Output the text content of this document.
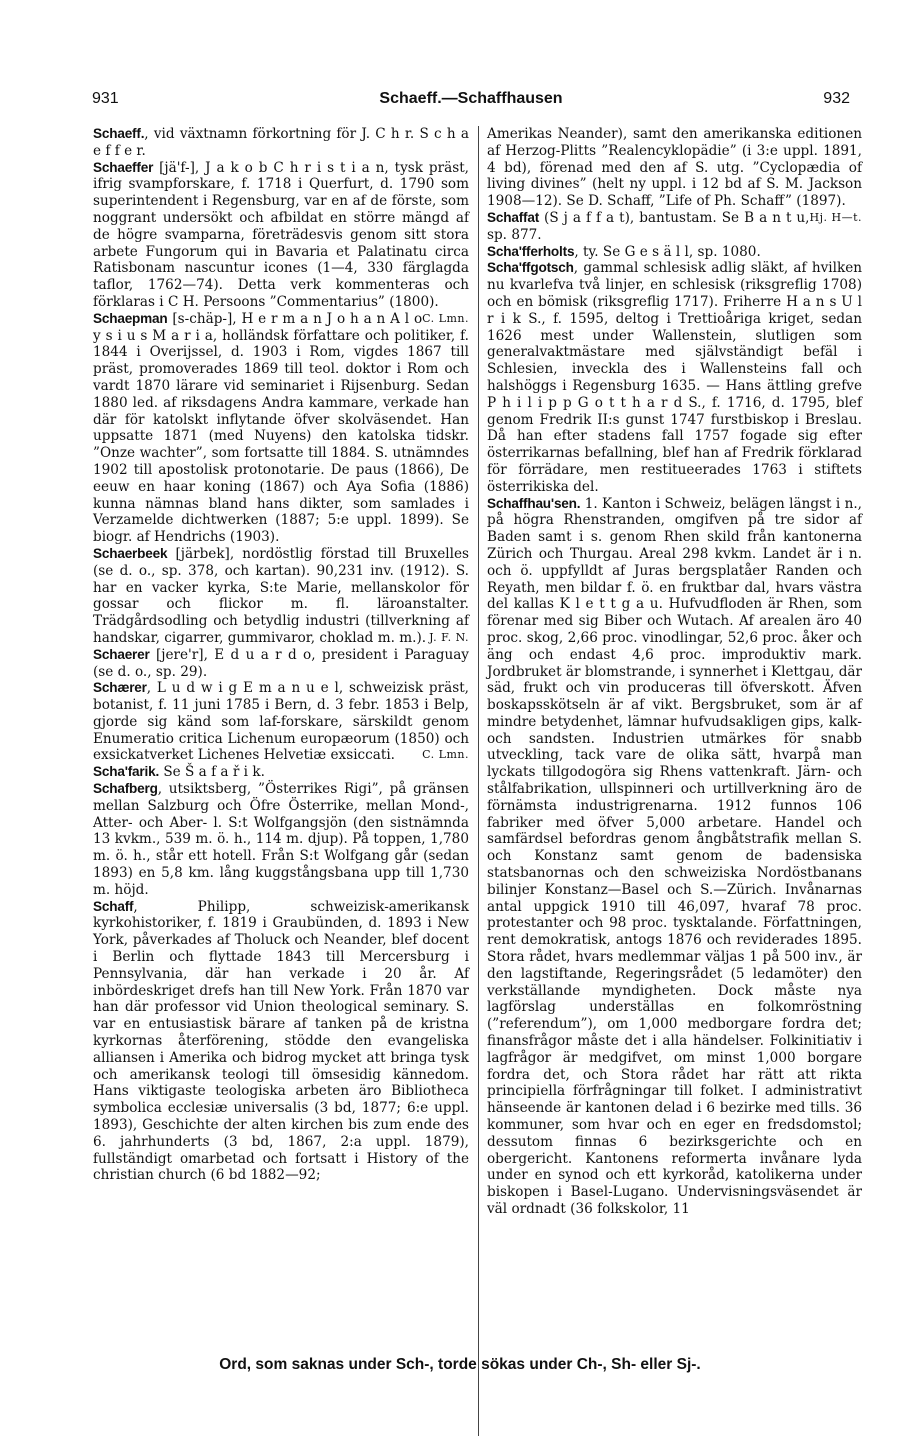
931	Schaeff.—Schaffhausen	932

Schaeff., vid växtnamn förkortning för J. C h r. S c h a e f f e r.

Schaeffer [jä'f-], J a k o b C h r i s t i a n, tysk präst, ifrig svampforskare, f. 1718 i Querfurt, d. 1790 som superintendent i Regensburg, var en af de förste, som noggrant undersökt och afbildat en större mängd af de högre svamparna, företrädesvis genom sitt stora arbete Fungorum qui in Bavaria et Palatinatu circa Ratisbonam nascuntur icones (1—4, 330 färglagda taflor, 1762—74). Detta verk kommenteras och förklaras i C H. Persoons ”Commentarius” (1800).
C. Lmn.

Schaepman [s-chäp-], H e r m a n J o h a n A l o y s i u s M a r i a, holländsk författare och politiker, f. 1844 i Overijssel, d. 1903 i Rom, vigdes 1867 till präst, promoverades 1869 till teol. doktor i Rom och vardt 1870 lärare vid seminariet i Rijsenburg. Sedan 1880 led. af riksdagens Andra kammare, verkade han där för katolskt inflytande öfver skolväsendet. Han uppsatte 1871 (med Nuyens) den katolska tidskr. ”Onze wachter”, som fortsatte till 1884. S. utnämndes 1902 till apostolisk protonotarie. De paus (1866), De eeuw en haar koning (1867) och Aya Sofia (1886) kunna nämnas bland hans dikter, som samlades i Verzamelde dichtwerken (1887; 5:e uppl. 1899). Se biogr. af Hendrichs (1903).

Schaerbeek [järbek], nordöstlig förstad till Bruxelles (se d. o., sp. 378, och kartan). 90,231 inv. (1912). S. har en vacker kyrka, S:te Marie, mellanskolor för gossar och flickor m. fl. läroanstalter. Trädgårdsodling och betydlig industri (tillverkning af handskar, cigarrer, gummivaror, choklad m. m.). J. F. N.

Schaerer [jere'r], E d u a r d o, president i Paraguay (se d. o., sp. 29).

Schærer, L u d w i g E m a n u e l, schweizisk präst, botanist, f. 11 juni 1785 i Bern, d. 3 febr. 1853 i Belp, gjorde sig känd som laf-forskare, särskildt genom Enumeratio critica Lichenum europæorum (1850) och exsickatverket Lichenes Helvetiæ exsiccati. C. Lmn.

Scha'farik. Se Š a f a ř i k.

Schafberg, utsiktsberg, ”Österrikes Rigi”, på gränsen mellan Salzburg och Öfre Österrike, mellan Mond-, Atter- och Aber- l. S:t Wolfgangsjön (den sistnämnda 13 kvkm., 539 m. ö. h., 114 m. djup). På toppen, 1,780 m. ö. h., står ett hotell. Från S:t Wolfgang går (sedan 1893) en 5,8 km. lång kuggstångsbana upp till 1,730 m. höjd.

Schaff, Philipp, schweizisk-amerikansk kyrkohistoriker, f. 1819 i Graubünden, d. 1893 i New York, påverkades af Tholuck och Neander, blef docent i Berlin och flyttade 1843 till Mercersburg i Pennsylvania, där han verkade i 20 år. Af inbördeskriget drefs han till New York. Från 1870 var han där professor vid Union theological seminary. S. var en entusiastisk bärare af tanken på de kristna kyrkornas återförening, stödde den evangeliska alliansen i Amerika och bidrog mycket att bringa tysk och amerikansk teologi till ömsesidig kännedom. Hans viktigaste teologiska arbeten äro Bibliotheca symbolica ecclesiæ universalis (3 bd, 1877; 6:e uppl. 1893), Geschichte der alten kirchen bis zum ende des 6. jahrhunderts (3 bd, 1867, 2:a uppl. 1879), fullständigt omarbetad och fortsatt i History of the christian church (6 bd 1882—92;

Amerikas Neander), samt den amerikanska editionen af Herzog-Plitts ”Realencyklopädie” (i 3:e uppl. 1891, 4 bd), förenad med den af S. utg. ”Cyclopædia of living divines” (helt ny uppl. i 12 bd af S. M. Jackson 1908—12). Se D. Schaff, ”Life of Ph. Schaff” (1897).
Hj. H—t.

Schaffat (S j a f f a t), bantustam. Se B a n t u, sp. 877.

Scha'fferholts, ty. Se G e s ä l l, sp. 1080.

Scha'ffgotsch, gammal schlesisk adlig släkt, af hvilken nu kvarlefva två linjer, en schlesisk (riksgreflig 1708) och en bömisk (riksgreflig 1717). Friherre H a n s U l r i k S., f. 1595, deltog i Trettioåriga kriget, sedan 1626 mest under Wallenstein, slutligen som generalvaktmästare med självständigt befäl i Schlesien, inveckla des i Wallensteins fall och halshöggs i Regensburg 1635. — Hans ättling grefve P h i l i p p G o t t h a r d S., f. 1716, d. 1795, blef genom Fredrik II:s gunst 1747 furstbiskop i Breslau. Då han efter stadens fall 1757 fogade sig efter österrikarnas befallning, blef han af Fredrik förklarad för förrädare, men restitueerades 1763 i stiftets österrikiska del.

Schaffhau'sen. 1. Kanton i Schweiz, belägen längst i n., på högra Rhenstranden, omgifven på tre sidor af Baden samt i s. genom Rhen skild från kantonerna Zürich och Thurgau. Areal 298 kvkm. Landet är i n. och ö. uppfylldt af Juras bergsplatåer Randen och Reyath, men bildar f. ö. en fruktbar dal, hvars västra del kallas K l e t t g a u. Hufvudfloden är Rhen, som förenar med sig Biber och Wutach. Af arealen äro 40 proc. skog, 2,66 proc. vinodlingar, 52,6 proc. åker och äng och endast 4,6 proc. improduktiv mark. Jordbruket är blomstrande, i synnerhet i Klettgau, där säd, frukt och vin produceras till öfverskott. Äfven boskapsskötseln är af vikt. Bergsbruket, som är af mindre betydenhet, lämnar hufvudsakligen gips, kalk- och sandsten. Industrien utmärkes för snabb utveckling, tack vare de olika sätt, hvarpå man lyckats tillgodogöra sig Rhens vattenkraft. Järn- och stålfabrikation, ullspinneri och urtillverkning äro de förnämsta industrigrenarna. 1912 funnos 106 fabriker med öfver 5,000 arbetare. Handel och samfärdsel befordras genom ångbåtstrafik mellan S. och Konstanz samt genom de badensiska statsbanornas och den schweiziska Nordöstbanans bilinjer Konstanz—Basel och S.—Zürich. Invånarnas antal uppgick 1910 till 46,097, hvaraf 78 proc. protestanter och 98 proc. tysktalande. Författningen, rent demokratisk, antogs 1876 och reviderades 1895. Stora rådet, hvars medlemmar väljas 1 på 500 inv., är den lagstiftande, Regeringsrådet (5 ledamöter) den verkställande myndigheten. Dock måste nya lagförslag underställas en folkomröstning (”referendum”), om 1,000 medborgare fordra det; finansfrågor måste det i alla händelser. Folkinitiativ i lagfrågor är medgifvet, om minst 1,000 borgare fordra det, och Stora rådet har rätt att rikta principiella förfrågningar till folket. I administrativt hänseende är kantonen delad i 6 bezirke med tills. 36 kommuner, som hvar och en eger en fredsdomstol; dessutom finnas 6 bezirksgerichte och en obergericht. Kantonens reformerta invånare lyda under en synod och ett kyrkoråd, katolikerna under biskopen i Basel-Lugano. Undervisningsväsendet är väl ordnadt (36 folkskolor, 11

Ord, som saknas under Sch-, torde sökas under Ch-, Sh- eller Sj-.
